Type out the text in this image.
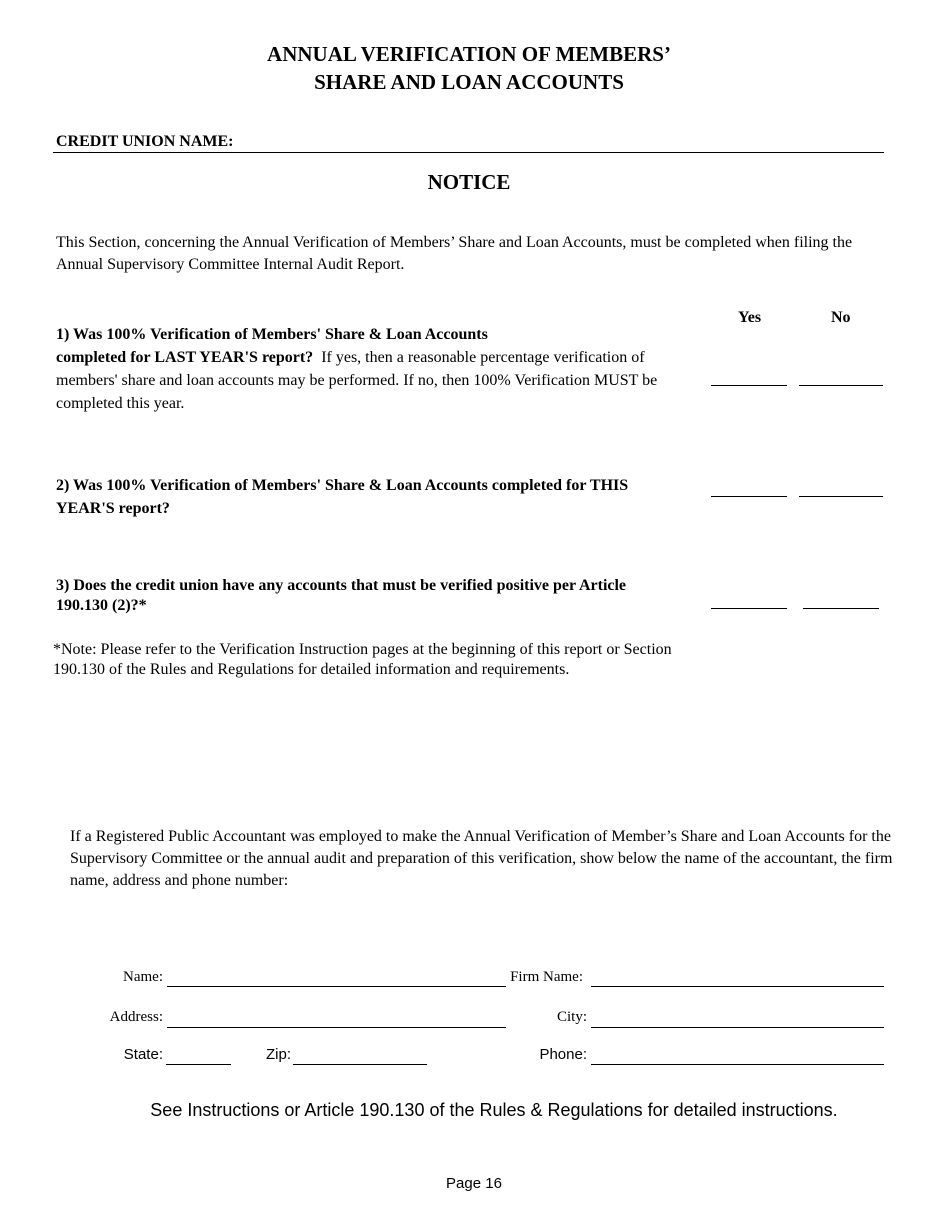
ANNUAL VERIFICATION OF MEMBERS’
SHARE AND LOAN ACCOUNTS
CREDIT UNION NAME:
NOTICE
This Section, concerning the Annual Verification of Members’ Share and Loan Accounts, must be completed when filing the Annual Supervisory Committee Internal Audit Report.
Yes	No
1) Was 100% Verification of Members' Share & Loan Accounts
completed for LAST YEAR'S report? If yes, then a reasonable percentage verification of members' share and loan accounts may be performed. If no, then 100% Verification MUST be completed this year.
2) Was 100% Verification of Members' Share & Loan Accounts completed for THIS YEAR'S report?
3) Does the credit union have any accounts that must be verified positive per Article 190.130 (2)?*
*Note: Please refer to the Verification Instruction pages at the beginning of this report or Section 190.130 of the Rules and Regulations for detailed information and requirements.
If a Registered Public Accountant was employed to make the Annual Verification of Member’s Share and Loan Accounts for the Supervisory Committee or the annual audit and preparation of this verification, show below the name of the accountant, the firm name, address and phone number:
Name:	Firm Name:
Address:	City:
State:	Zip:	Phone:
See Instructions or Article 190.130 of the Rules & Regulations for detailed instructions.
Page 16
